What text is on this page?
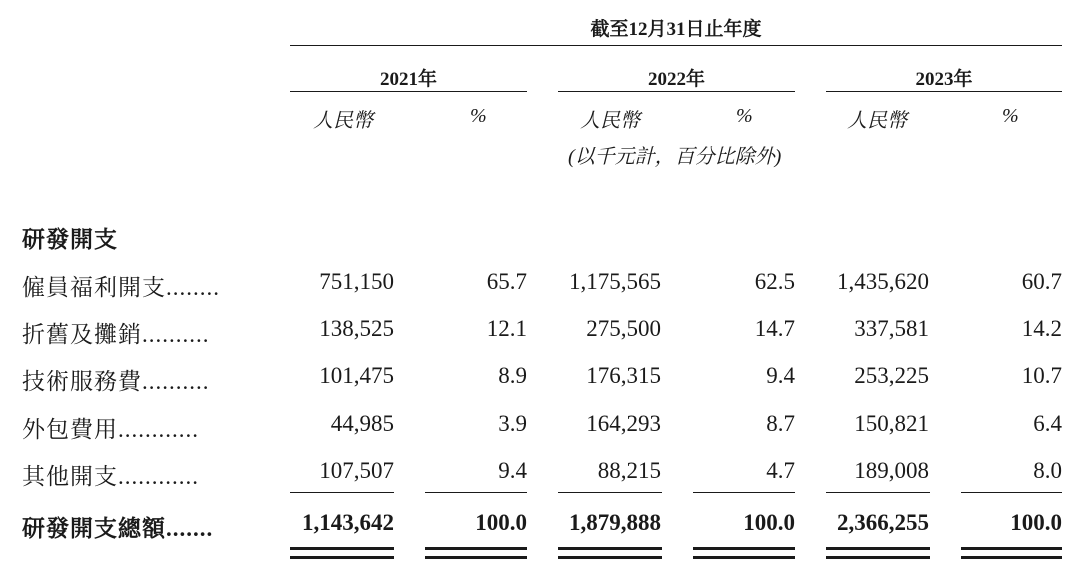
截至12月31日止年度
2021年	2022年	2023年
人民幣	%	人民幣	%	人民幣	%
(以千元計，百分比除外)
研發開支
僱員福利開支........	751,150	65.7 1,175,565	62.5 1,435,620	60.7
折舊及攤銷..........	138,525	12.1	275,500	14.7	337,581	14.2
技術服務費..........	101,475	8.9	176,315	9.4	253,225	10.7
外包費用............	44,985	3.9	164,293	8.7	150,821	6.4
其他開支............	107,507	9.4	88,215	4.7	189,008	8.0
研發開支總額.......	1,143,642	100.0 1,879,888	100.0 2,366,255	100.0
